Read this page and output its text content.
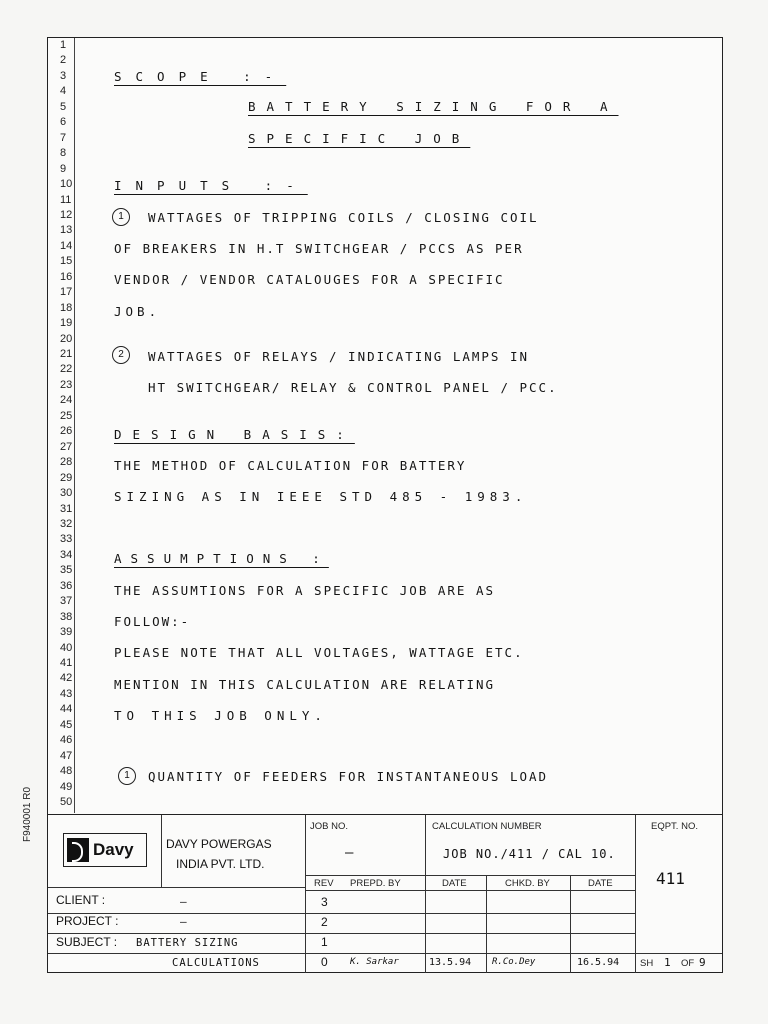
1
2
3
4
5
6
7
8
9
10
11
12
13
14
15
16
17
18
19
20
21
22
23
24
25
26
27
28
29
30
31
32
33
34
35
36
37
38
39
40
41
42
43
44
45
46
47
48
49
50
SCOPE :-
BATTERY SIZING FOR A
SPECIFIC JOB
INPUTS :-
1	WATTAGES OF TRIPPING COILS / CLOSING COIL
OF BREAKERS IN H.T SWITCHGEAR / PCCS AS PER
VENDOR / VENDOR CATALOUGES FOR A SPECIFIC
JOB.
2	WATTAGES OF RELAYS / INDICATING LAMPS IN
HT SWITCHGEAR/ RELAY & CONTROL PANEL / PCC.
DESIGN BASIS:
THE METHOD OF CALCULATION FOR BATTERY
SIZING AS IN IEEE STD 485 - 1983.
ASSUMPTIONS :
THE ASSUMTIONS FOR A SPECIFIC JOB ARE AS
FOLLOW:-
PLEASE NOTE THAT ALL VOLTAGES, WATTAGE ETC.
MENTION IN THIS CALCULATION ARE RELATING
TO THIS JOB ONLY.
1	QUANTITY OF FEEDERS FOR INSTANTANEOUS LOAD
Davy	DAVY POWERGAS
INDIA PVT. LTD.
JOB NO.
–
CALCULATION NUMBER
JOB NO./411 / CAL 10.
EQPT. NO.
411
REV PREPD. BY	DATE	CHKD. BY	DATE
CLIENT :	–
PROJECT :	–
SUBJECT : BATTERY SIZING
CALCULATIONS
3
2
1
0 K. Sarkar	13.5.94 R.Co.Dey	16.5.94 SH 1 OF 9
F940001 R0
